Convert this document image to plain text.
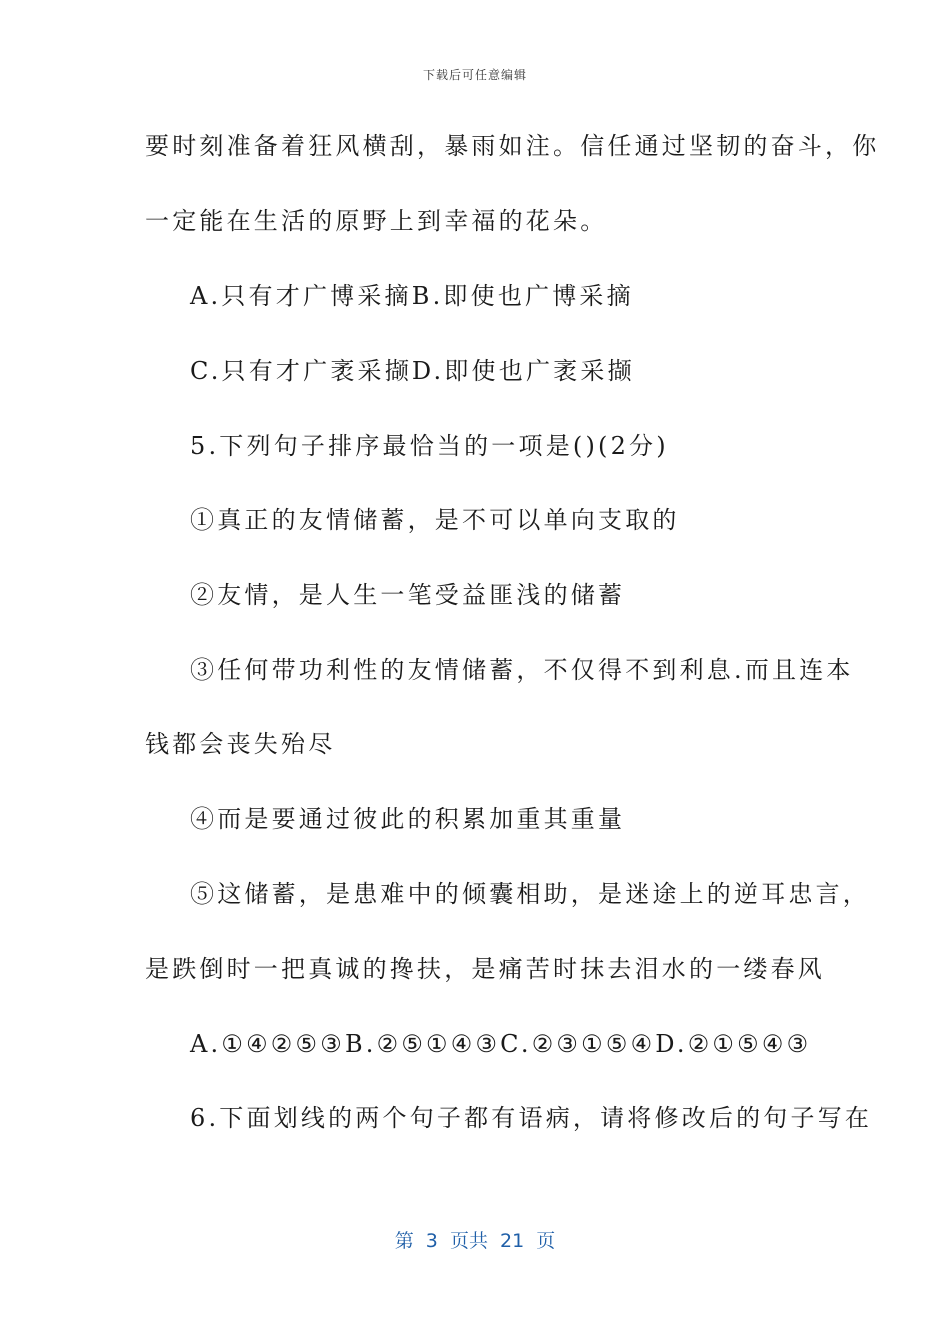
下载后可任意编辑
要时刻准备着狂风横刮，暴雨如注。信任通过坚韧的奋斗，你
一定能在生活的原野上到幸福的花朵。
A.只有才广博采摘B.即使也广博采摘
C.只有才广袤采撷D.即使也广袤采撷
5.下列句子排序最恰当的一项是()(2分)
①真正的友情储蓄，是不可以单向支取的
②友情，是人生一笔受益匪浅的储蓄
③任何带功利性的友情储蓄，不仅得不到利息.而且连本
钱都会丧失殆尽
④而是要通过彼此的积累加重其重量
⑤这储蓄，是患难中的倾囊相助，是迷途上的逆耳忠言，
是跌倒时一把真诚的搀扶，是痛苦时抹去泪水的一缕春风
A.①④②⑤③B.②⑤①④③C.②③①⑤④D.②①⑤④③
6.下面划线的两个句子都有语病，请将修改后的句子写在
第  3  页共  21  页
